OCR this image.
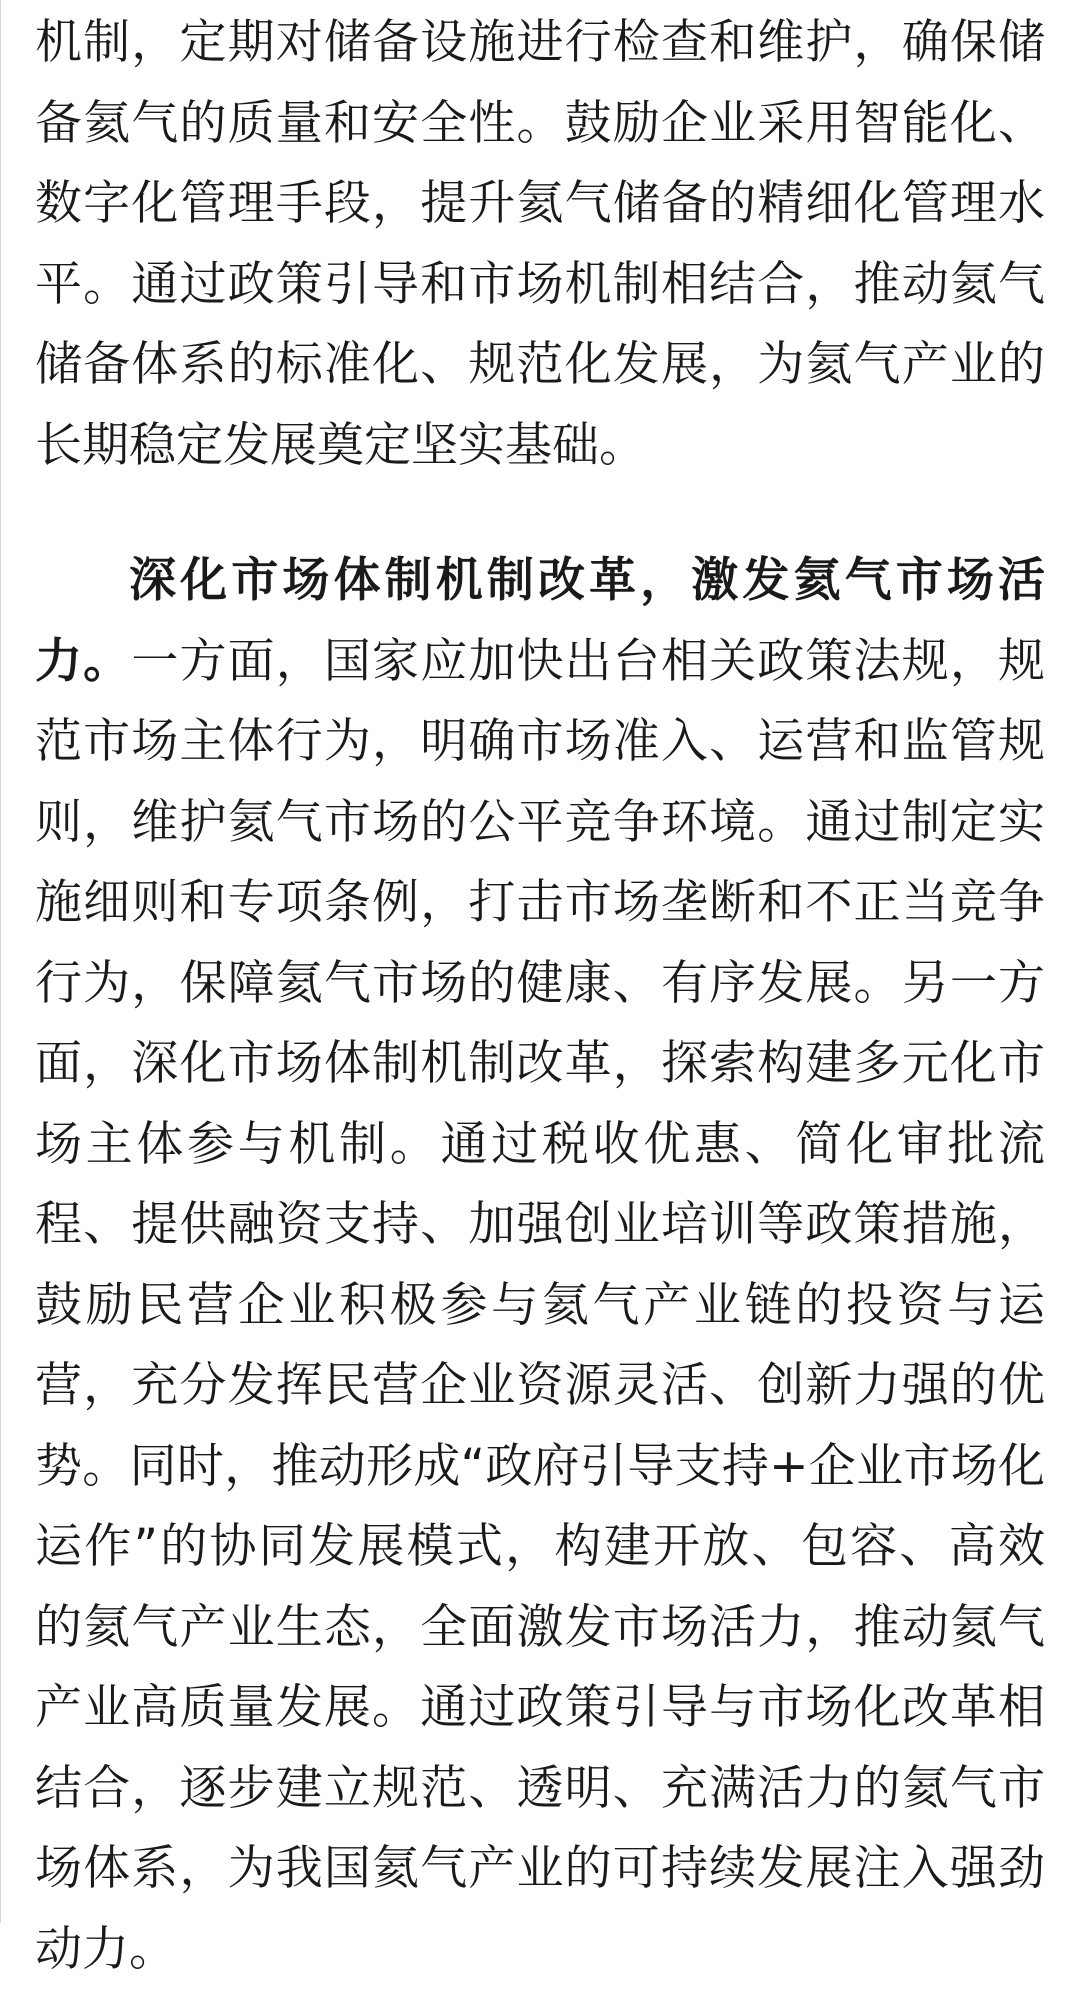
机制，定期对储备设施进行检查和维护，确保储备氦气的质量和安全性。鼓励企业采用智能化、数字化管理手段，提升氦气储备的精细化管理水平。通过政策引导和市场机制相结合，推动氦气储备体系的标准化、规范化发展，为氦气产业的长期稳定发展奠定坚实基础。

深化市场体制机制改革，激发氦气市场活力。一方面，国家应加快出台相关政策法规，规范市场主体行为，明确市场准入、运营和监管规则，维护氦气市场的公平竞争环境。通过制定实施细则和专项条例，打击市场垄断和不正当竞争行为，保障氦气市场的健康、有序发展。另一方面，深化市场体制机制改革，探索构建多元化市场主体参与机制。通过税收优惠、简化审批流程、提供融资支持、加强创业培训等政策措施，鼓励民营企业积极参与氦气产业链的投资与运营，充分发挥民营企业资源灵活、创新力强的优势。同时，推动形成“政府引导支持+企业市场化运作”的协同发展模式，构建开放、包容、高效的氦气产业生态，全面激发市场活力，推动氦气产业高质量发展。通过政策引导与市场化改革相结合，逐步建立规范、透明、充满活力的氦气市场体系，为我国氦气产业的可持续发展注入强劲动力。
